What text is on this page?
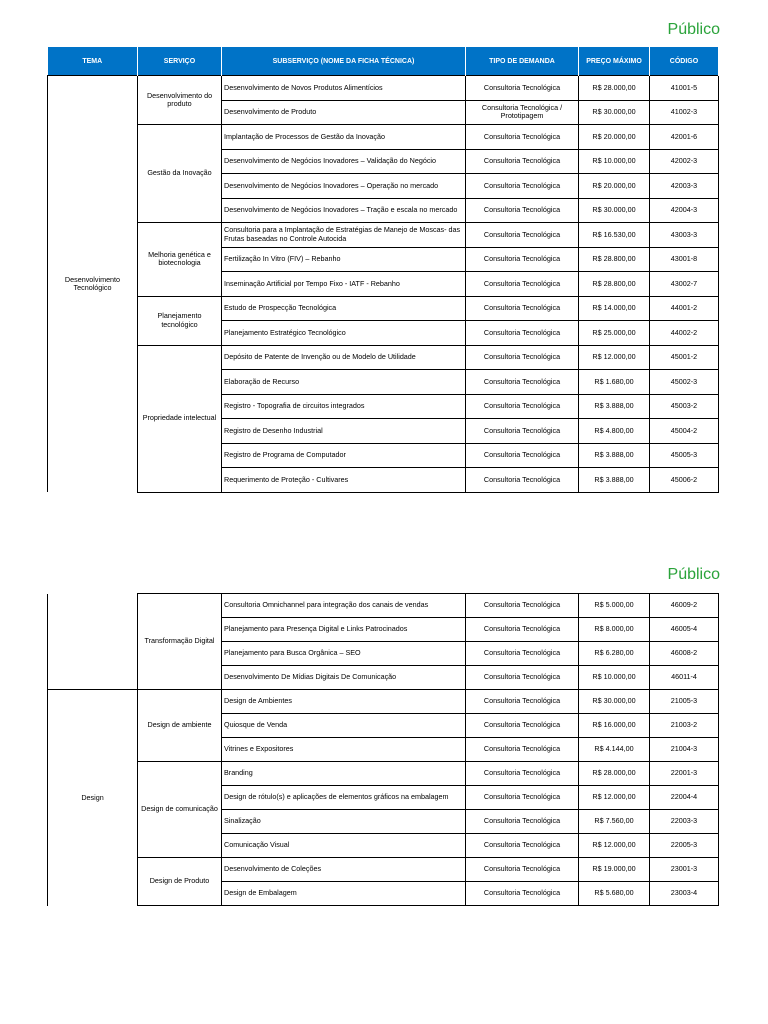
Público
TEMA	SERVIÇO	SUBSERVIÇO (NOME DA FICHA TÉCNICA)	TIPO DE DEMANDA	PREÇO MÁXIMO	CÓDIGO
Desenvolvimento Tecnológico	Desenvolvimento do produto	Desenvolvimento de Novos Produtos Alimentícios	Consultoria Tecnológica	R$ 28.000,00	41001-5
		Desenvolvimento de Produto	Consultoria Tecnológica / Prototipagem	R$ 30.000,00	41002-3
	Gestão da Inovação	Implantação de Processos de Gestão da Inovação	Consultoria Tecnológica	R$ 20.000,00	42001-6
		Desenvolvimento de Negócios Inovadores – Validação do Negócio	Consultoria Tecnológica	R$ 10.000,00	42002-3
		Desenvolvimento de Negócios Inovadores – Operação no mercado	Consultoria Tecnológica	R$ 20.000,00	42003-3
		Desenvolvimento de Negócios Inovadores – Tração e escala no mercado	Consultoria Tecnológica	R$ 30.000,00	42004-3
	Melhoria genética e biotecnologia	Consultoria para a Implantação de Estratégias de Manejo de Moscas- das Frutas baseadas no Controle Autocida	Consultoria Tecnológica	R$ 16.530,00	43003-3
		Fertilização In Vitro (FIV) – Rebanho	Consultoria Tecnológica	R$ 28.800,00	43001-8
		Inseminação Artificial por Tempo Fixo - IATF - Rebanho	Consultoria Tecnológica	R$ 28.800,00	43002-7
	Planejamento tecnológico	Estudo de Prospecção Tecnológica	Consultoria Tecnológica	R$ 14.000,00	44001-2
		Planejamento Estratégico Tecnológico	Consultoria Tecnológica	R$ 25.000,00	44002-2
	Propriedade intelectual	Depósito de Patente de Invenção ou de Modelo de Utilidade	Consultoria Tecnológica	R$ 12.000,00	45001-2
		Elaboração de Recurso	Consultoria Tecnológica	R$ 1.680,00	45002-3
		Registro - Topografia de circuitos integrados	Consultoria Tecnológica	R$ 3.888,00	45003-2
		Registro de Desenho Industrial	Consultoria Tecnológica	R$ 4.800,00	45004-2
		Registro de Programa de Computador	Consultoria Tecnológica	R$ 3.888,00	45005-3
		Requerimento de Proteção - Cultivares	Consultoria Tecnológica	R$ 3.888,00	45006-2
Público
	Transformação Digital	Consultoria Omnichannel para integração dos canais de vendas	Consultoria Tecnológica	R$ 5.000,00	46009-2
		Planejamento para Presença Digital e Links Patrocinados	Consultoria Tecnológica	R$ 8.000,00	46005-4
		Planejamento para Busca Orgânica – SEO	Consultoria Tecnológica	R$ 6.280,00	46008-2
		Desenvolvimento De Mídias Digitais De Comunicação	Consultoria Tecnológica	R$ 10.000,00	46011-4
Design	Design de ambiente	Design de Ambientes	Consultoria Tecnológica	R$ 30.000,00	21005-3
		Quiosque de Venda	Consultoria Tecnológica	R$ 16.000,00	21003-2
		Vitrines e Expositores	Consultoria Tecnológica	R$ 4.144,00	21004-3
	Design de comunicação	Branding	Consultoria Tecnológica	R$ 28.000,00	22001-3
		Design de rótulo(s) e aplicações de elementos gráficos na embalagem	Consultoria Tecnológica	R$ 12.000,00	22004-4
		Sinalização	Consultoria Tecnológica	R$ 7.560,00	22003-3
		Comunicação Visual	Consultoria Tecnológica	R$ 12.000,00	22005-3
	Design de Produto	Desenvolvimento de Coleções	Consultoria Tecnológica	R$ 19.000,00	23001-3
		Design de Embalagem	Consultoria Tecnológica	R$ 5.680,00	23003-4
